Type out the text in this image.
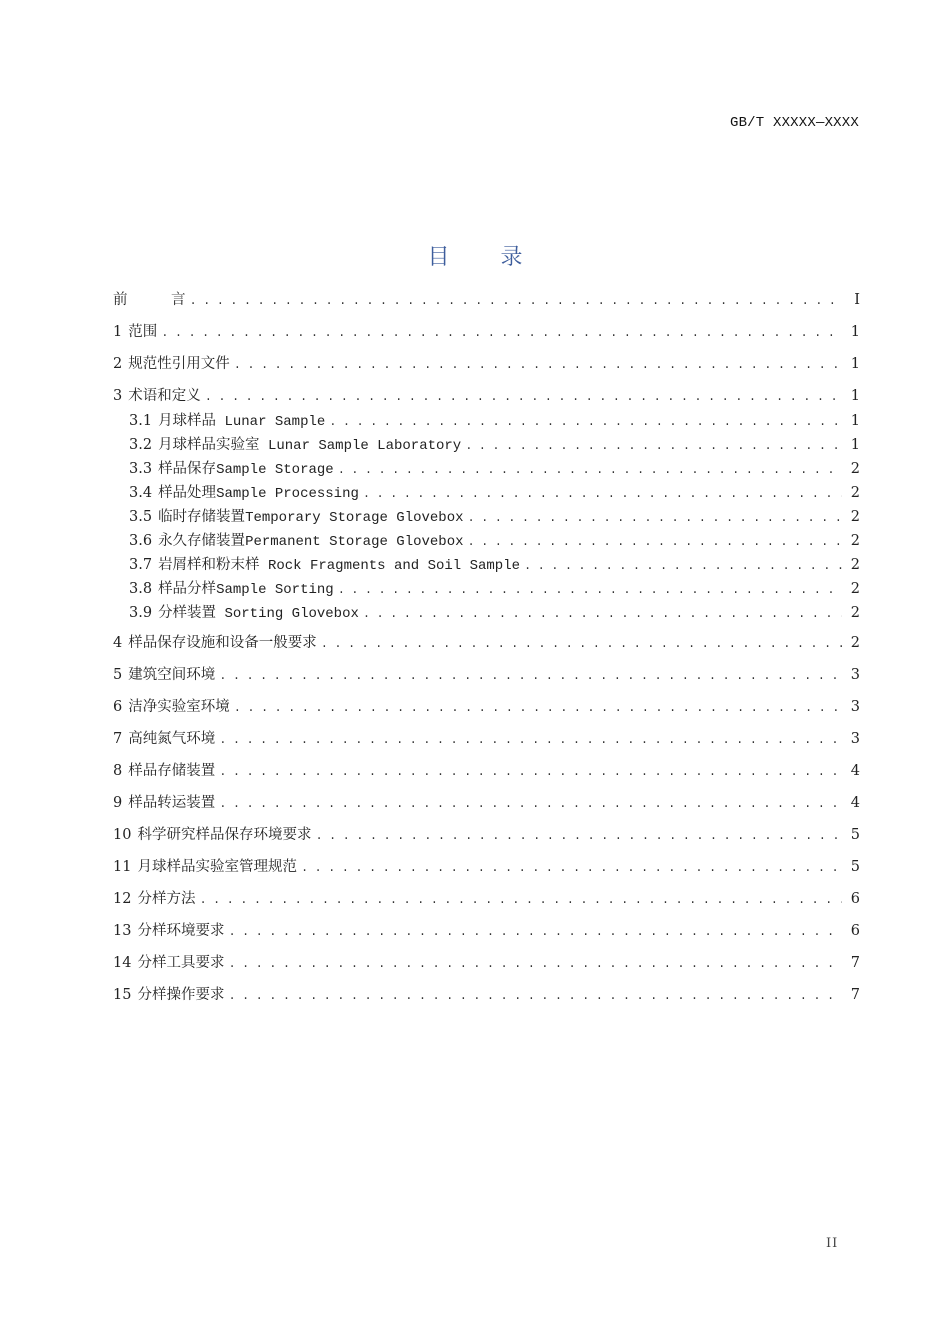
GB/T XXXXX—XXXX
目 录
前　　　言 . . .	I
1 范围 . . .	1
2 规范性引用文件 . . .	1
3 术语和定义 . . .	1
3.1 月球样品 Lunar Sample . . .	1
3.2 月球样品实验室 Lunar Sample Laboratory . . .	1
3.3 样品保存Sample Storage . . .	2
3.4 样品处理Sample Processing . . .	2
3.5 临时存储装置Temporary Storage Glovebox . . .	2
3.6 永久存储装置Permanent Storage Glovebox . . .	2
3.7 岩屑样和粉末样 Rock Fragments and Soil Sample . . .	2
3.8 样品分样Sample Sorting . . .	2
3.9 分样装置 Sorting Glovebox . . .	2
4 样品保存设施和设备一般要求 . . .	2
5 建筑空间环境 . . .	3
6 洁净实验室环境 . . .	3
7 高纯氮气环境 . . .	3
8 样品存储装置 . . .	4
9 样品转运装置 . . .	4
10 科学研究样品保存环境要求 . . .	5
11 月球样品实验室管理规范 . . .	5
12 分样方法 . . .	6
13 分样环境要求 . . .	6
14 分样工具要求 . . .	7
15 分样操作要求 . . .	7
II
